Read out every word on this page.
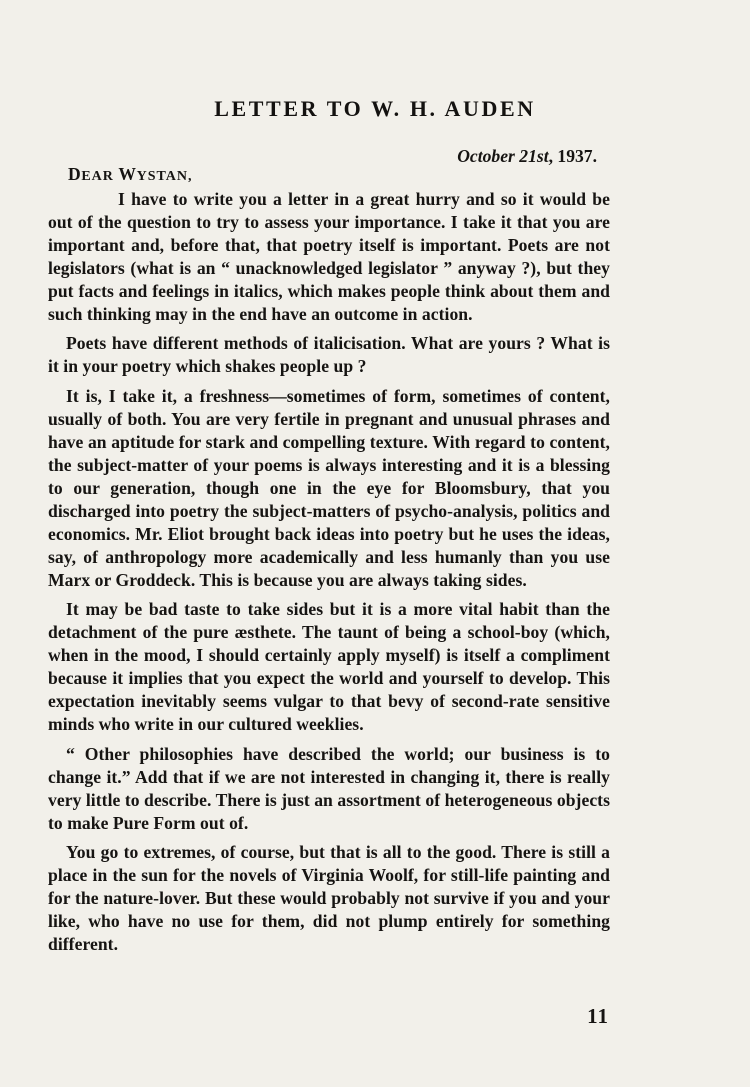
LETTER TO W. H. AUDEN
October 21st, 1937.
DEAR WYSTAN,

I have to write you a letter in a great hurry and so it would be out of the question to try to assess your importance. I take it that you are important and, before that, that poetry itself is important. Poets are not legislators (what is an “ unacknowledged legislator ” anyway ?), but they put facts and feelings in italics, which makes people think about them and such thinking may in the end have an outcome in action.

Poets have different methods of italicisation. What are yours ? What is it in your poetry which shakes people up ?

It is, I take it, a freshness—sometimes of form, sometimes of content, usually of both. You are very fertile in pregnant and unusual phrases and have an aptitude for stark and compelling texture. With regard to content, the subject-matter of your poems is always interesting and it is a blessing to our generation, though one in the eye for Bloomsbury, that you discharged into poetry the subject-matters of psycho-analysis, politics and economics. Mr. Eliot brought back ideas into poetry but he uses the ideas, say, of anthropology more academically and less humanly than you use Marx or Groddeck. This is because you are always taking sides.

It may be bad taste to take sides but it is a more vital habit than the detachment of the pure æsthete. The taunt of being a school-boy (which, when in the mood, I should certainly apply myself) is itself a compliment because it implies that you expect the world and yourself to develop. This expectation inevitably seems vulgar to that bevy of second-rate sensitive minds who write in our cultured weeklies.

“ Other philosophies have described the world; our business is to change it.” Add that if we are not interested in changing it, there is really very little to describe. There is just an assortment of heterogeneous objects to make Pure Form out of.

You go to extremes, of course, but that is all to the good. There is still a place in the sun for the novels of Virginia Woolf, for still-life painting and for the nature-lover. But these would probably not survive if you and your like, who have no use for them, did not plump entirely for something different.

11
